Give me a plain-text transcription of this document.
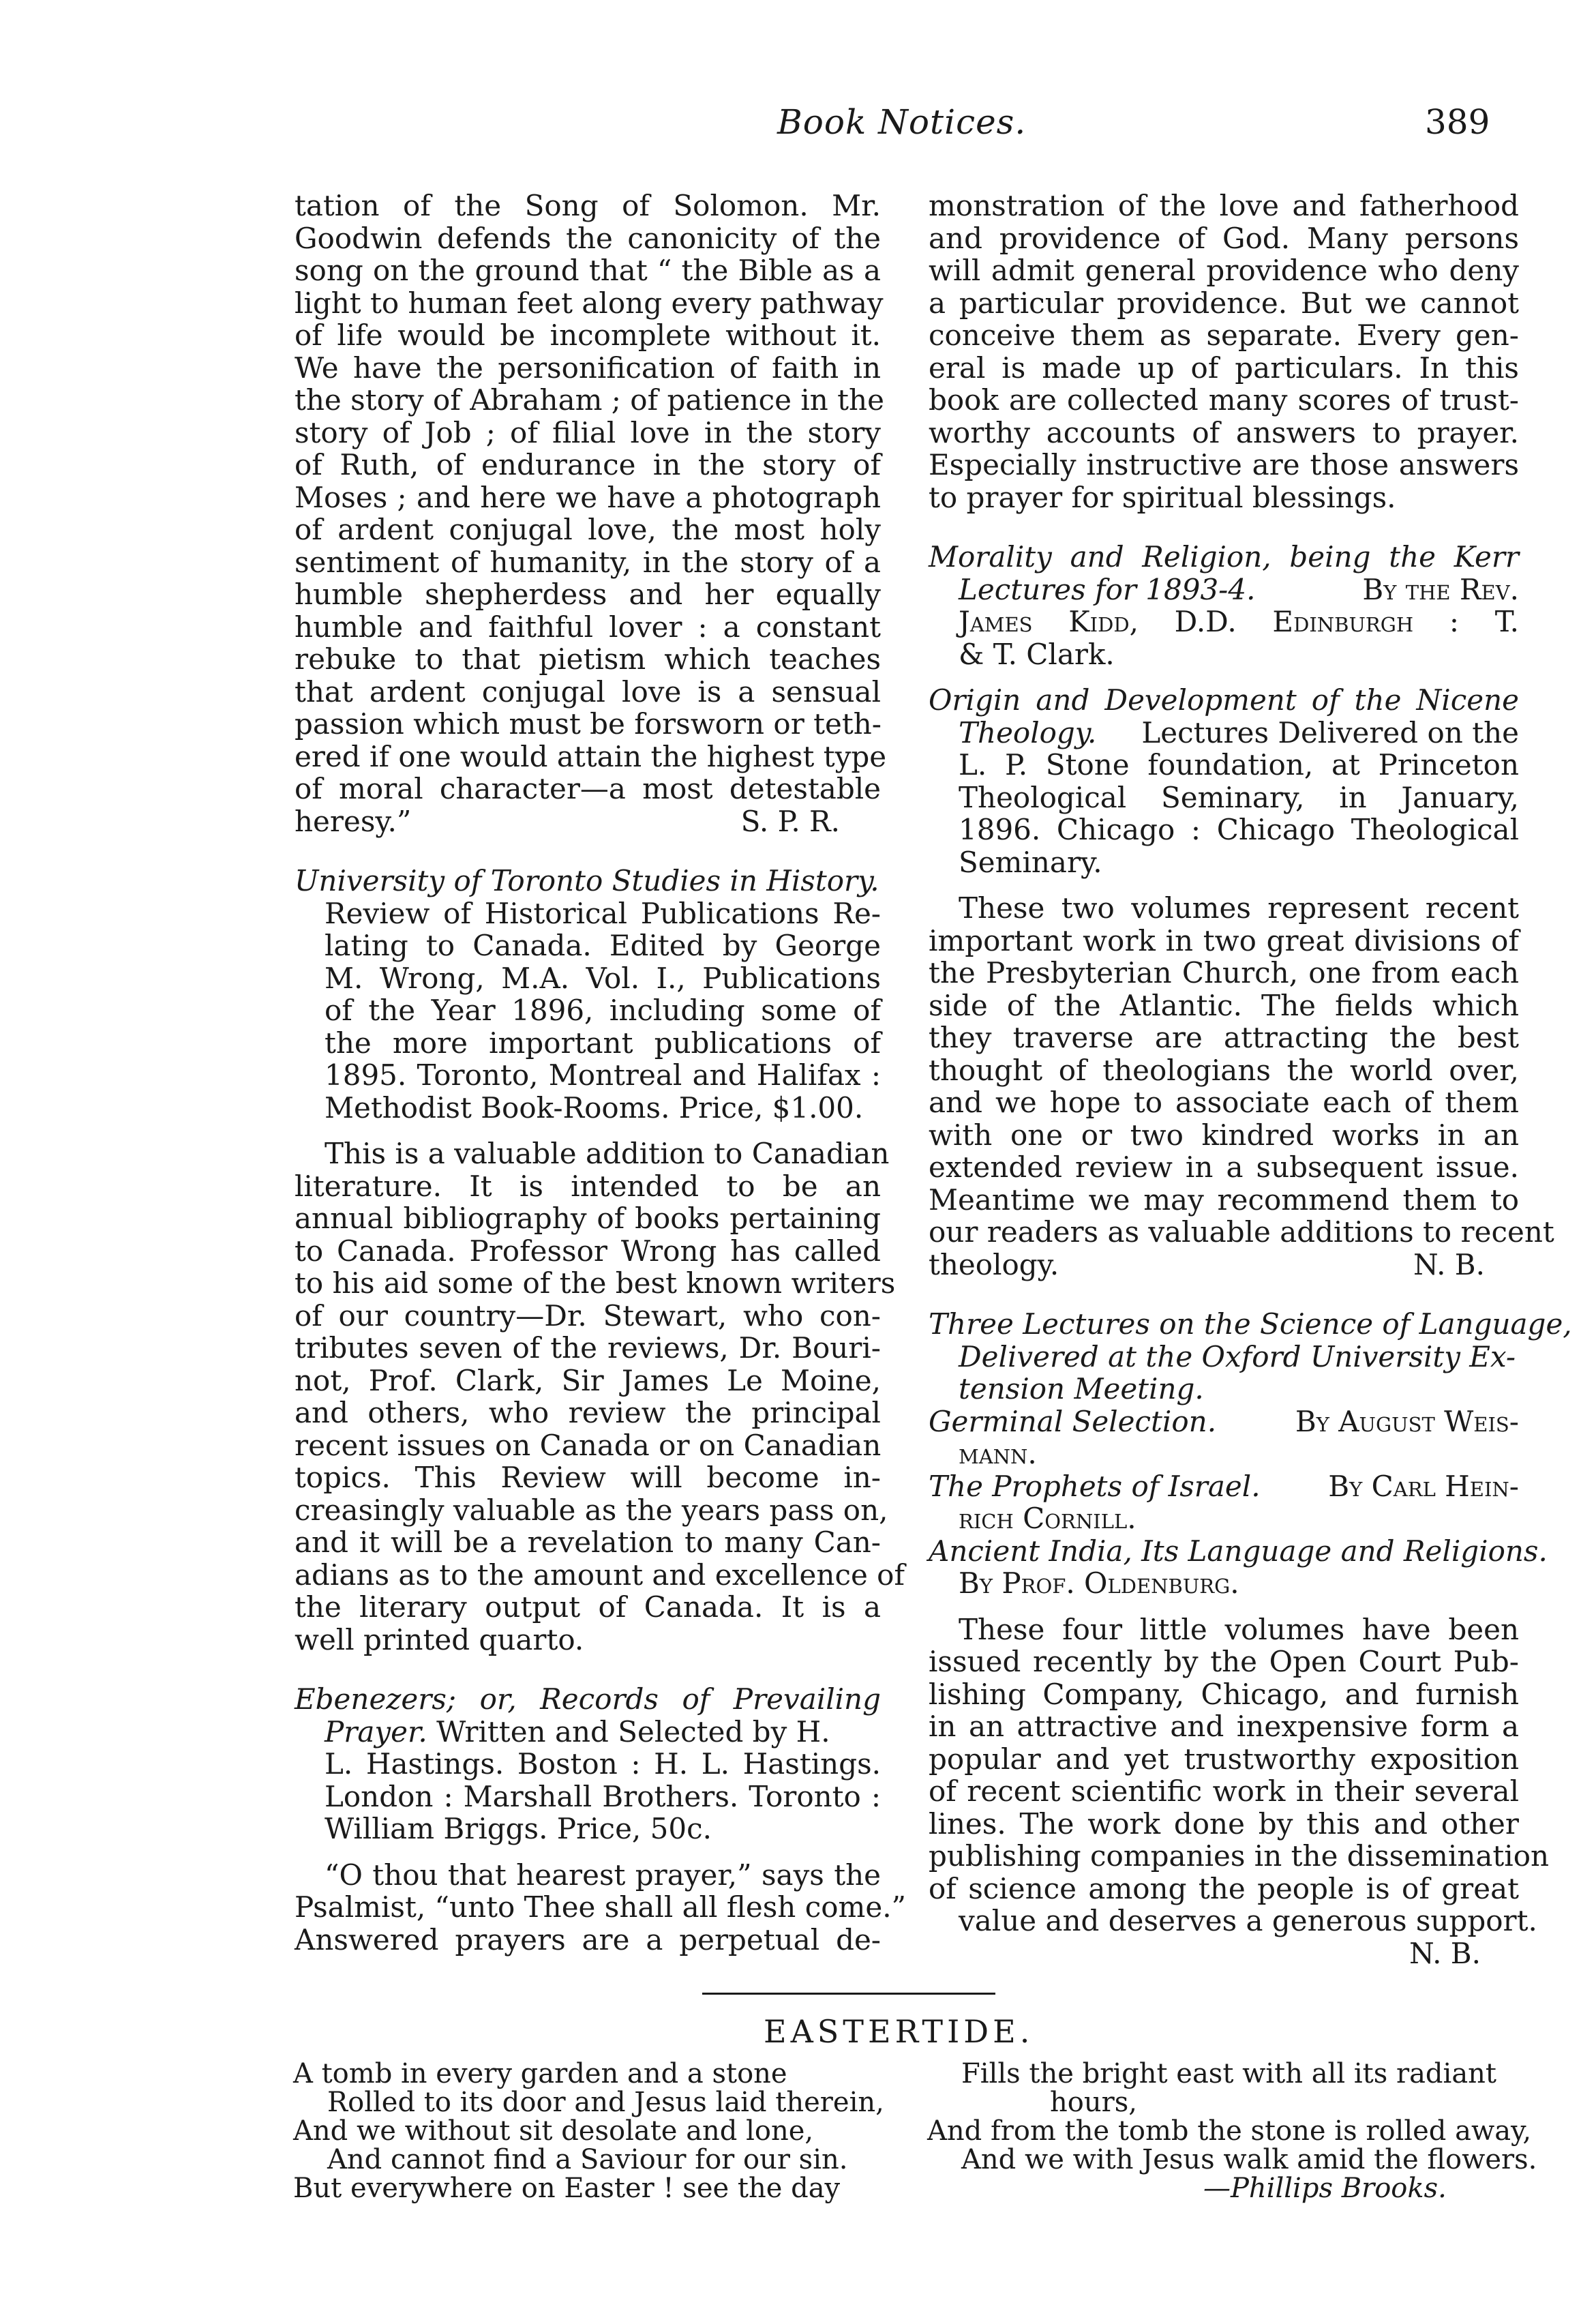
Book Notices.	389
tation of the Song of Solomon. Mr.
Goodwin defends the canonicity of the
song on the ground that “ the Bible as a
light to human feet along every pathway
of life would be incomplete without it.
We have the personification of faith in
the story of Abraham ; of patience in the
story of Job ; of filial love in the story
of Ruth, of endurance in the story of
Moses ; and here we have a photograph
of ardent conjugal love, the most holy
sentiment of humanity, in the story of a
humble shepherdess and her equally
humble and faithful lover : a constant
rebuke to that pietism which teaches
that ardent conjugal love is a sensual
passion which must be forsworn or teth-
ered if one would attain the highest type
of moral character—a most detestable
heresy.”	S. P. R.
University of Toronto Studies in History.
Review of Historical Publications Re-
lating to Canada. Edited by George
M. Wrong, M.A. Vol. I., Publications
of the Year 1896, including some of
the more important publications of
1895. Toronto, Montreal and Halifax :
Methodist Book-Rooms. Price, $1.00.
This is a valuable addition to Canadian
literature. It is intended to be an
annual bibliography of books pertaining
to Canada. Professor Wrong has called
to his aid some of the best known writers
of our country—Dr. Stewart, who con-
tributes seven of the reviews, Dr. Bouri-
not, Prof. Clark, Sir James Le Moine,
and others, who review the principal
recent issues on Canada or on Canadian
topics. This Review will become in-
creasingly valuable as the years pass on,
and it will be a revelation to many Can-
adians as to the amount and excellence of
the literary output of Canada. It is a
well printed quarto.
Ebenezers; or, Records of Prevailing
Prayer. Written and Selected by H.
L. Hastings. Boston : H. L. Hastings.
London : Marshall Brothers. Toronto :
William Briggs. Price, 50c.
“O thou that hearest prayer,” says the
Psalmist, “unto Thee shall all flesh come.”
Answered prayers are a perpetual de-
monstration of the love and fatherhood
and providence of God. Many persons
will admit general providence who deny
a particular providence. But we cannot
conceive them as separate. Every gen-
eral is made up of particulars. In this
book are collected many scores of trust-
worthy accounts of answers to prayer.
Especially instructive are those answers
to prayer for spiritual blessings.
Morality and Religion, being the Kerr
Lectures for 1893-4.	By the Rev.
James Kidd, D.D. Edinburgh : T.
& T. Clark.
Origin and Development of the Nicene
Theology. Lectures Delivered on the
L. P. Stone foundation, at Princeton
Theological Seminary, in January,
1896. Chicago : Chicago Theological
Seminary.
These two volumes represent recent
important work in two great divisions of
the Presbyterian Church, one from each
side of the Atlantic. The fields which
they traverse are attracting the best
thought of theologians the world over,
and we hope to associate each of them
with one or two kindred works in an
extended review in a subsequent issue.
Meantime we may recommend them to
our readers as valuable additions to recent
theology.	N. B.
Three Lectures on the Science of Language,
Delivered at the Oxford University Ex-
tension Meeting.
Germinal Selection.	By August Weis-
mann.
The Prophets of Israel. By Carl Hein-
rich Cornill.
Ancient India, Its Language and Religions.
By Prof. Oldenburg.
These four little volumes have been
issued recently by the Open Court Pub-
lishing Company, Chicago, and furnish
in an attractive and inexpensive form a
popular and yet trustworthy exposition
of recent scientific work in their several
lines. The work done by this and other
publishing companies in the dissemination
of science among the people is of great
value and deserves a generous support.
N. B.
EASTERTIDE.
A tomb in every garden and a stone
Rolled to its door and Jesus laid therein,
And we without sit desolate and lone,
And cannot find a Saviour for our sin.
But everywhere on Easter ! see the day
Fills the bright east with all its radiant
hours,
And from the tomb the stone is rolled away,
And we with Jesus walk amid the flowers.
—Phillips Brooks.
